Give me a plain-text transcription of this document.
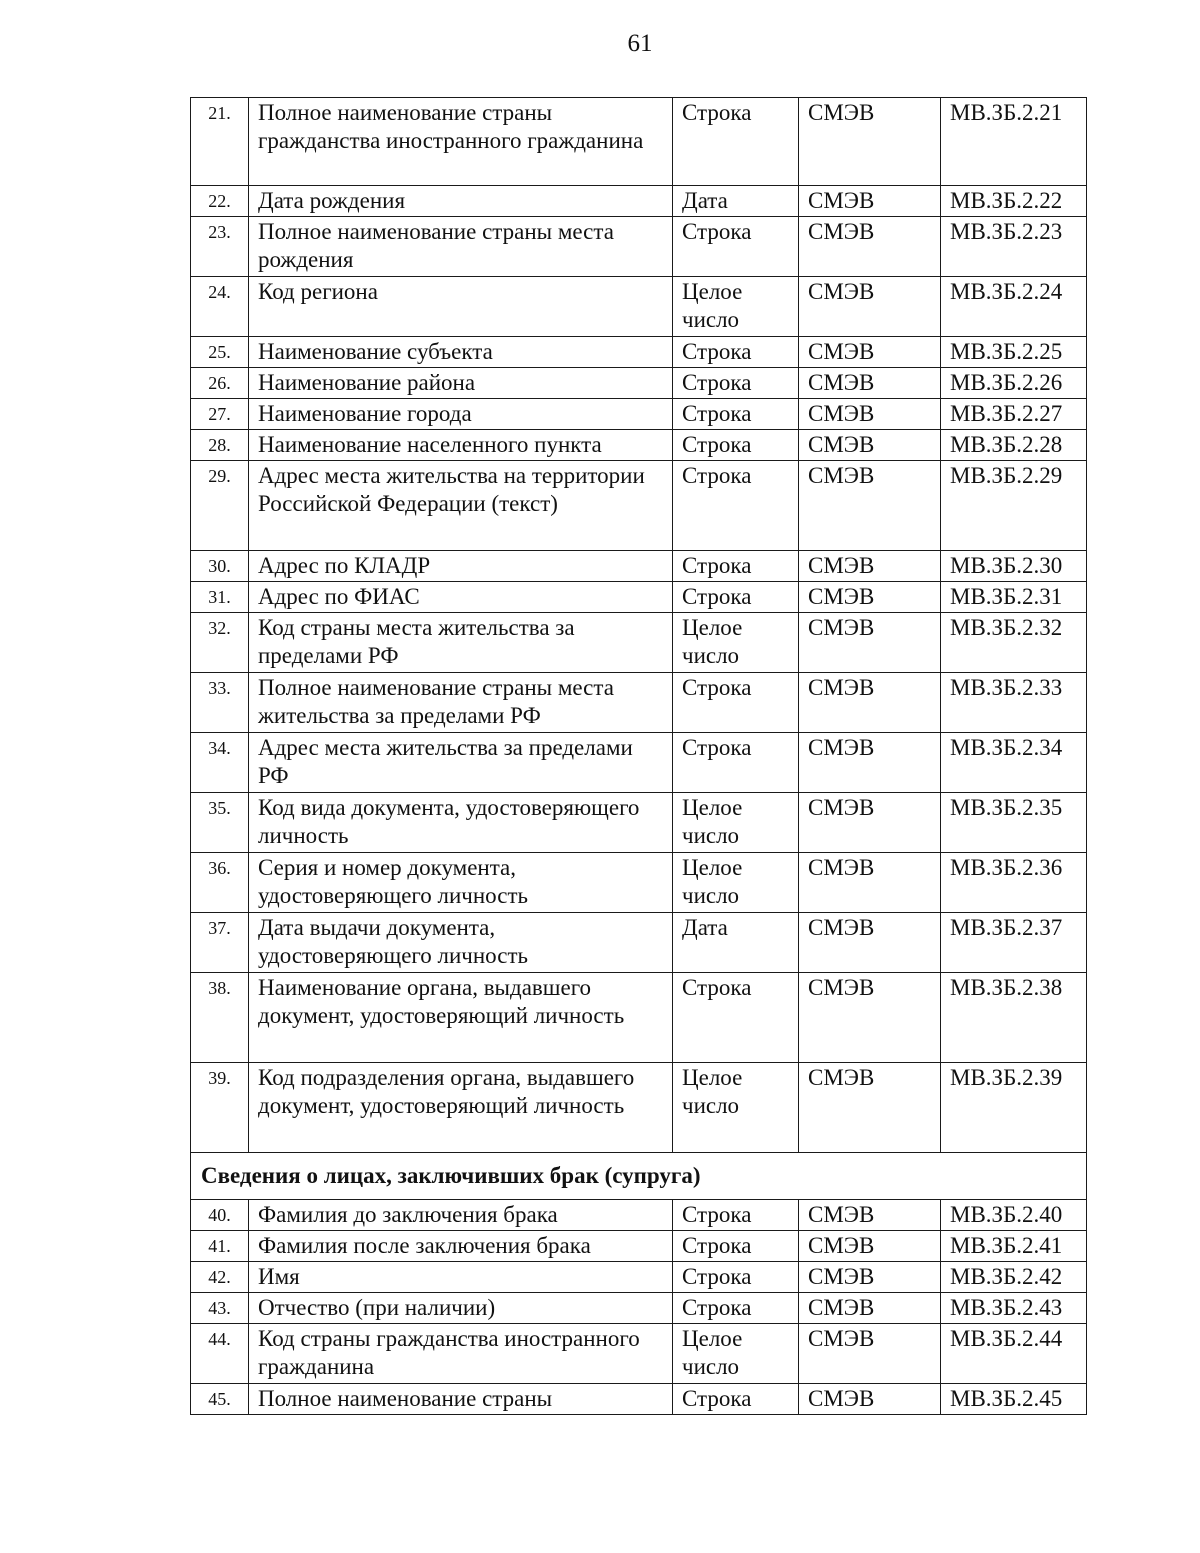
61
21.	Полное наименование страны гражданства иностранного гражданина	Строка	СМЭВ	МВ.ЗБ.2.21
22.	Дата рождения	Дата	СМЭВ	МВ.ЗБ.2.22
23.	Полное наименование страны места рождения	Строка	СМЭВ	МВ.ЗБ.2.23
24.	Код региона	Целое число	СМЭВ	МВ.ЗБ.2.24
25.	Наименование субъекта	Строка	СМЭВ	МВ.ЗБ.2.25
26.	Наименование района	Строка	СМЭВ	МВ.ЗБ.2.26
27.	Наименование города	Строка	СМЭВ	МВ.ЗБ.2.27
28.	Наименование населенного пункта	Строка	СМЭВ	МВ.ЗБ.2.28
29.	Адрес места жительства на территории Российской Федерации (текст)	Строка	СМЭВ	МВ.ЗБ.2.29
30.	Адрес по КЛАДР	Строка	СМЭВ	МВ.ЗБ.2.30
31.	Адрес по ФИАС	Строка	СМЭВ	МВ.ЗБ.2.31
32.	Код страны места жительства за пределами РФ	Целое число	СМЭВ	МВ.ЗБ.2.32
33.	Полное наименование страны места жительства за пределами РФ	Строка	СМЭВ	МВ.ЗБ.2.33
34.	Адрес места жительства за пределами РФ	Строка	СМЭВ	МВ.ЗБ.2.34
35.	Код вида документа, удостоверяющего личность	Целое число	СМЭВ	МВ.ЗБ.2.35
36.	Серия и номер документа, удостоверяющего личность	Целое число	СМЭВ	МВ.ЗБ.2.36
37.	Дата выдачи документа, удостоверяющего личность	Дата	СМЭВ	МВ.ЗБ.2.37
38.	Наименование органа, выдавшего документ, удостоверяющий личность	Строка	СМЭВ	МВ.ЗБ.2.38
39.	Код подразделения органа, выдавшего документ, удостоверяющий личность	Целое число	СМЭВ	МВ.ЗБ.2.39
Сведения о лицах, заключивших брак (супруга)				
40.	Фамилия до заключения брака	Строка	СМЭВ	МВ.ЗБ.2.40
41.	Фамилия после заключения брака	Строка	СМЭВ	МВ.ЗБ.2.41
42.	Имя	Строка	СМЭВ	МВ.ЗБ.2.42
43.	Отчество (при наличии)	Строка	СМЭВ	МВ.ЗБ.2.43
44.	Код страны гражданства иностранного гражданина	Целое число	СМЭВ	МВ.ЗБ.2.44
45.	Полное наименование страны	Строка	СМЭВ	МВ.ЗБ.2.45
